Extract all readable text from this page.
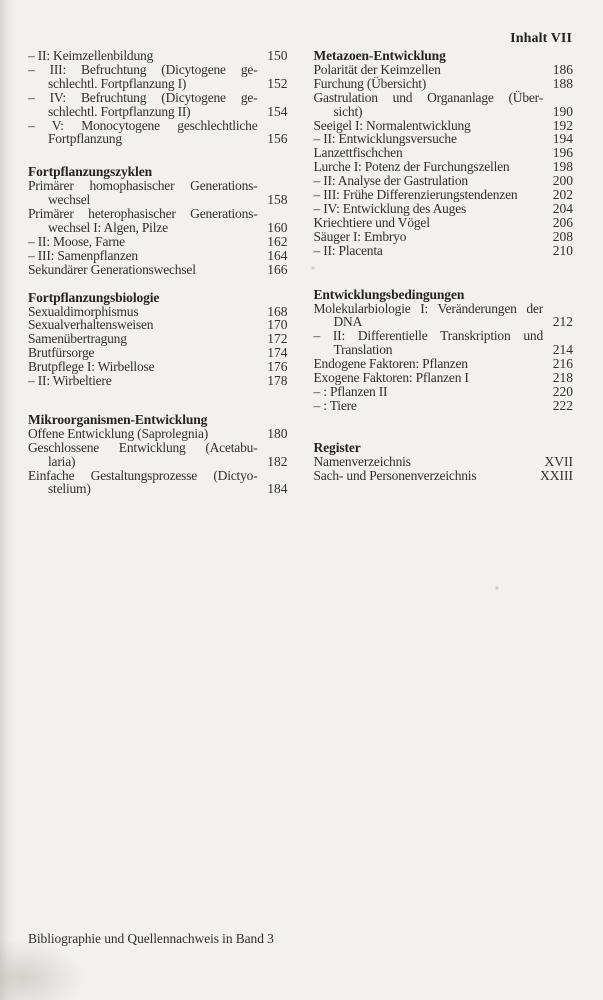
Inhalt VII
– II: Keimzellenbildung	150
– III: Befruchtung (Dicytogene ge-
schlechtl. Fortpflanzung I)	152
– IV: Befruchtung (Dicytogene ge-
schlechtl. Fortpflanzung II)	154
– V: Monocytogene geschlechtliche
Fortpflanzung	156
Fortpflanzungszyklen
Primärer homophasischer Generations-
wechsel	158
Primärer heterophasischer Generations-
wechsel I: Algen, Pilze	160
– II: Moose, Farne	162
– III: Samenpflanzen	164
Sekundärer Generationswechsel	166
Fortpflanzungsbiologie
Sexualdimorphismus	168
Sexualverhaltensweisen	170
Samenübertragung	172
Brutfürsorge	174
Brutpflege I: Wirbellose	176
– II: Wirbeltiere	178
Mikroorganismen-Entwicklung
Offene Entwicklung (Saprolegnia)	180
Geschlossene Entwicklung (Acetabu-
laria)	182
Einfache Gestaltungsprozesse (Dictyo-
stelium)	184
Metazoen-Entwicklung
Polarität der Keimzellen	186
Furchung (Übersicht)	188
Gastrulation und Organanlage (Über-
sicht)	190
Seeigel I: Normalentwicklung	192
– II: Entwicklungsversuche	194
Lanzettfischchen	196
Lurche I: Potenz der Furchungszellen	198
– II: Analyse der Gastrulation	200
– III: Frühe Differenzierungstendenzen	202
– IV: Entwicklung des Auges	204
Kriechtiere und Vögel	206
Säuger I: Embryo	208
– II: Placenta	210
Entwicklungsbedingungen
Molekularbiologie I: Veränderungen der
DNA	212
– II: Differentielle Transkription und
Translation	214
Endogene Faktoren: Pflanzen	216
Exogene Faktoren: Pflanzen I	218
– : Pflanzen II	220
– : Tiere	222
Register
Namenverzeichnis	XVII
Sach- und Personenverzeichnis	XXIII
Bibliographie und Quellennachweis in Band 3
